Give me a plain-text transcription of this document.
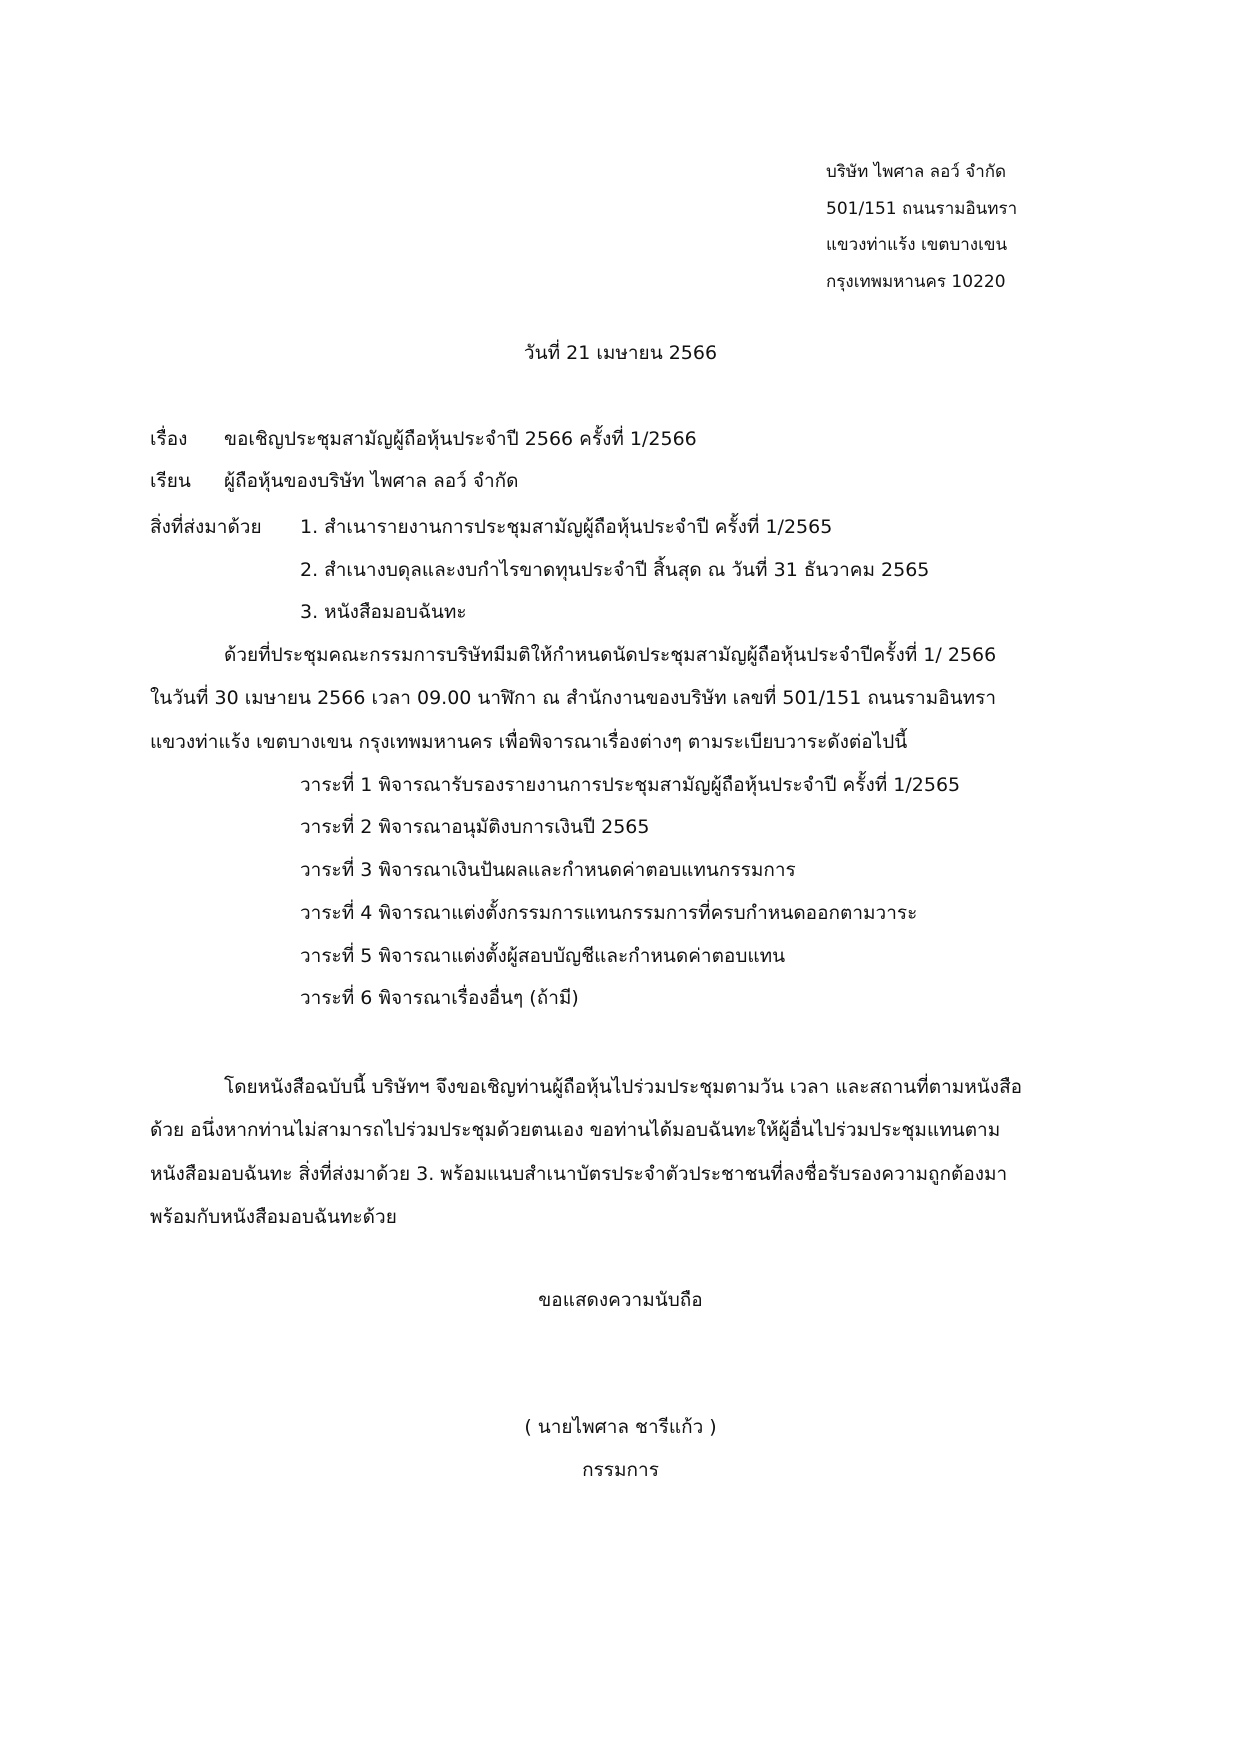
บริษัท ไพศาล ลอว์ จำกัด
501/151 ถนนรามอินทรา
แขวงท่าแร้ง เขตบางเขน
กรุงเทพมหานคร 10220
วันที่ 21 เมษายน 2566
เรื่อง ขอเชิญประชุมสามัญผู้ถือหุ้นประจำปี 2566 ครั้งที่ 1/2566
เรียน ผู้ถือหุ้นของบริษัท ไพศาล ลอว์ จำกัด
สิ่งที่ส่งมาด้วย 1. สำเนารายงานการประชุมสามัญผู้ถือหุ้นประจำปี ครั้งที่ 1/2565
2. สำเนางบดุลและงบกำไรขาดทุนประจำปี สิ้นสุด ณ วันที่ 31 ธันวาคม 2565
3. หนังสือมอบฉันทะ
ด้วยที่ประชุมคณะกรรมการบริษัทมีมติให้กำหนดนัดประชุมสามัญผู้ถือหุ้นประจำปีครั้งที่ 1/ 2566
ในวันที่ 30 เมษายน 2566 เวลา 09.00 นาฬิกา ณ สำนักงานของบริษัท เลขที่ 501/151 ถนนรามอินทรา
แขวงท่าแร้ง เขตบางเขน กรุงเทพมหานคร เพื่อพิจารณาเรื่องต่างๆ ตามระเบียบวาระดังต่อไปนี้
วาระที่ 1 พิจารณารับรองรายงานการประชุมสามัญผู้ถือหุ้นประจำปี ครั้งที่ 1/2565
วาระที่ 2 พิจารณาอนุมัติงบการเงินปี 2565
วาระที่ 3 พิจารณาเงินปันผลและกำหนดค่าตอบแทนกรรมการ
วาระที่ 4 พิจารณาแต่งตั้งกรรมการแทนกรรมการที่ครบกำหนดออกตามวาระ
วาระที่ 5 พิจารณาแต่งตั้งผู้สอบบัญชีและกำหนดค่าตอบแทน
วาระที่ 6 พิจารณาเรื่องอื่นๆ (ถ้ามี)
โดยหนังสือฉบับนี้ บริษัทฯ จึงขอเชิญท่านผู้ถือหุ้นไปร่วมประชุมตามวัน เวลา และสถานที่ตามหนังสือ
ด้วย อนึ่งหากท่านไม่สามารถไปร่วมประชุมด้วยตนเอง ขอท่านได้มอบฉันทะให้ผู้อื่นไปร่วมประชุมแทนตาม
หนังสือมอบฉันทะ สิ่งที่ส่งมาด้วย 3. พร้อมแนบสำเนาบัตรประจำตัวประชาชนที่ลงชื่อรับรองความถูกต้องมา
พร้อมกับหนังสือมอบฉันทะด้วย
ขอแสดงความนับถือ
( นายไพศาล ชารีแก้ว )
กรรมการ
